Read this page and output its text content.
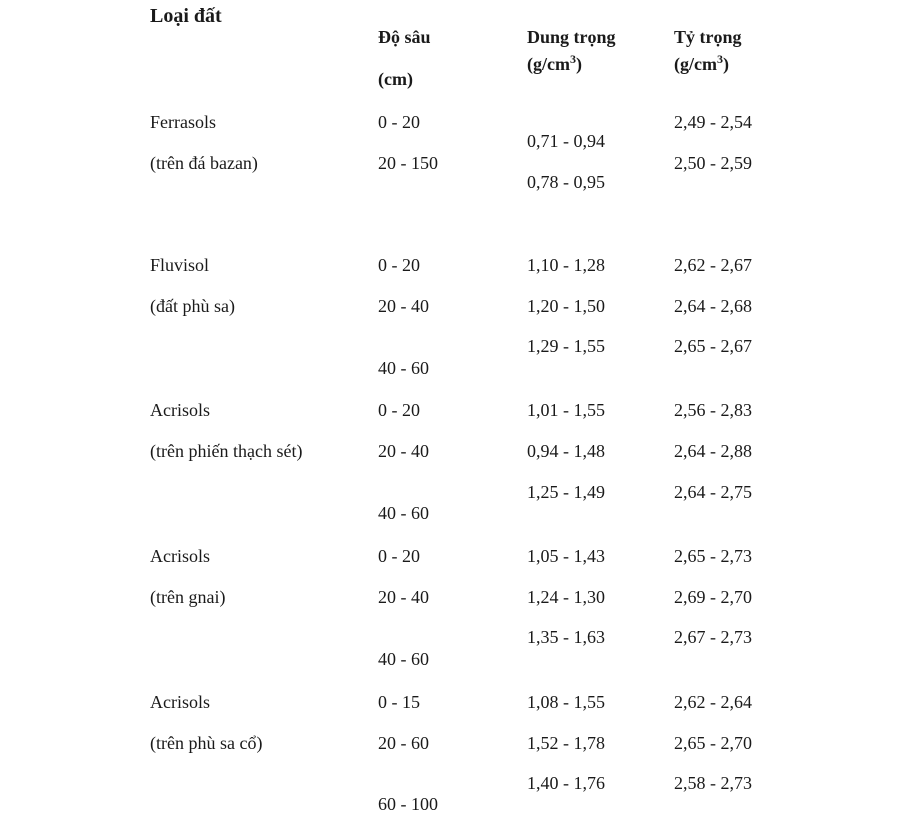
Loại đất
Độ sâu
(cm)
Dung trọng
$(g/cm^3)$
Tỷ trọng
$(g/cm^3)$
Ferrasols
(trên đá bazan)
0 - 20
20 - 150
0,71 - 0,94
0,78 - 0,95
2,49 - 2,54
2,50 - 2,59
Fluvisol
(đất phù sa)
0 - 20
20 - 40
40 - 60
1,10 - 1,28
1,20 - 1,50
1,29 - 1,55
2,62 - 2,67
2,64 - 2,68
2,65 - 2,67
Acrisols
(trên phiến thạch sét)
0 - 20
20 - 40
40 - 60
1,01 - 1,55
0,94 - 1,48
1,25 - 1,49
2,56 - 2,83
2,64 - 2,88
2,64 - 2,75
Acrisols
(trên gnai)
0 - 20
20 - 40
40 - 60
1,05 - 1,43
1,24 - 1,30
1,35 - 1,63
2,65 - 2,73
2,69 - 2,70
2,67 - 2,73
Acrisols
(trên phù sa cổ)
0 - 15
20 - 60
60 - 100
1,08 - 1,55
1,52 - 1,78
1,40 - 1,76
2,62 - 2,64
2,65 - 2,70
2,58 - 2,73
